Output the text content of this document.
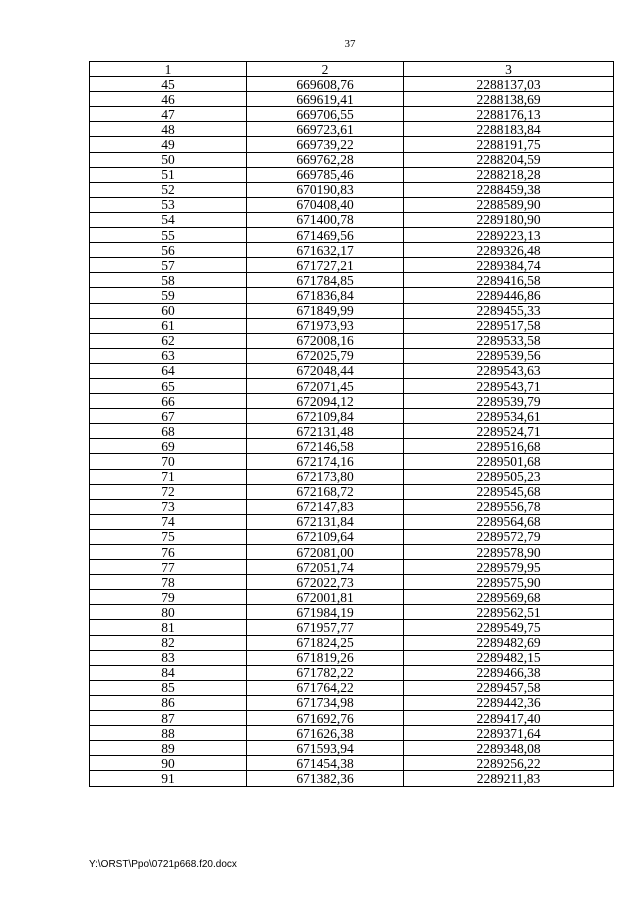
37
1	2	3
45	669608,76	2288137,03
46	669619,41	2288138,69
47	669706,55	2288176,13
48	669723,61	2288183,84
49	669739,22	2288191,75
50	669762,28	2288204,59
51	669785,46	2288218,28
52	670190,83	2288459,38
53	670408,40	2288589,90
54	671400,78	2289180,90
55	671469,56	2289223,13
56	671632,17	2289326,48
57	671727,21	2289384,74
58	671784,85	2289416,58
59	671836,84	2289446,86
60	671849,99	2289455,33
61	671973,93	2289517,58
62	672008,16	2289533,58
63	672025,79	2289539,56
64	672048,44	2289543,63
65	672071,45	2289543,71
66	672094,12	2289539,79
67	672109,84	2289534,61
68	672131,48	2289524,71
69	672146,58	2289516,68
70	672174,16	2289501,68
71	672173,80	2289505,23
72	672168,72	2289545,68
73	672147,83	2289556,78
74	672131,84	2289564,68
75	672109,64	2289572,79
76	672081,00	2289578,90
77	672051,74	2289579,95
78	672022,73	2289575,90
79	672001,81	2289569,68
80	671984,19	2289562,51
81	671957,77	2289549,75
82	671824,25	2289482,69
83	671819,26	2289482,15
84	671782,22	2289466,38
85	671764,22	2289457,58
86	671734,98	2289442,36
87	671692,76	2289417,40
88	671626,38	2289371,64
89	671593,94	2289348,08
90	671454,38	2289256,22
91	671382,36	2289211,83
Y:\ORST\Ppo\0721p668.f20.docx
